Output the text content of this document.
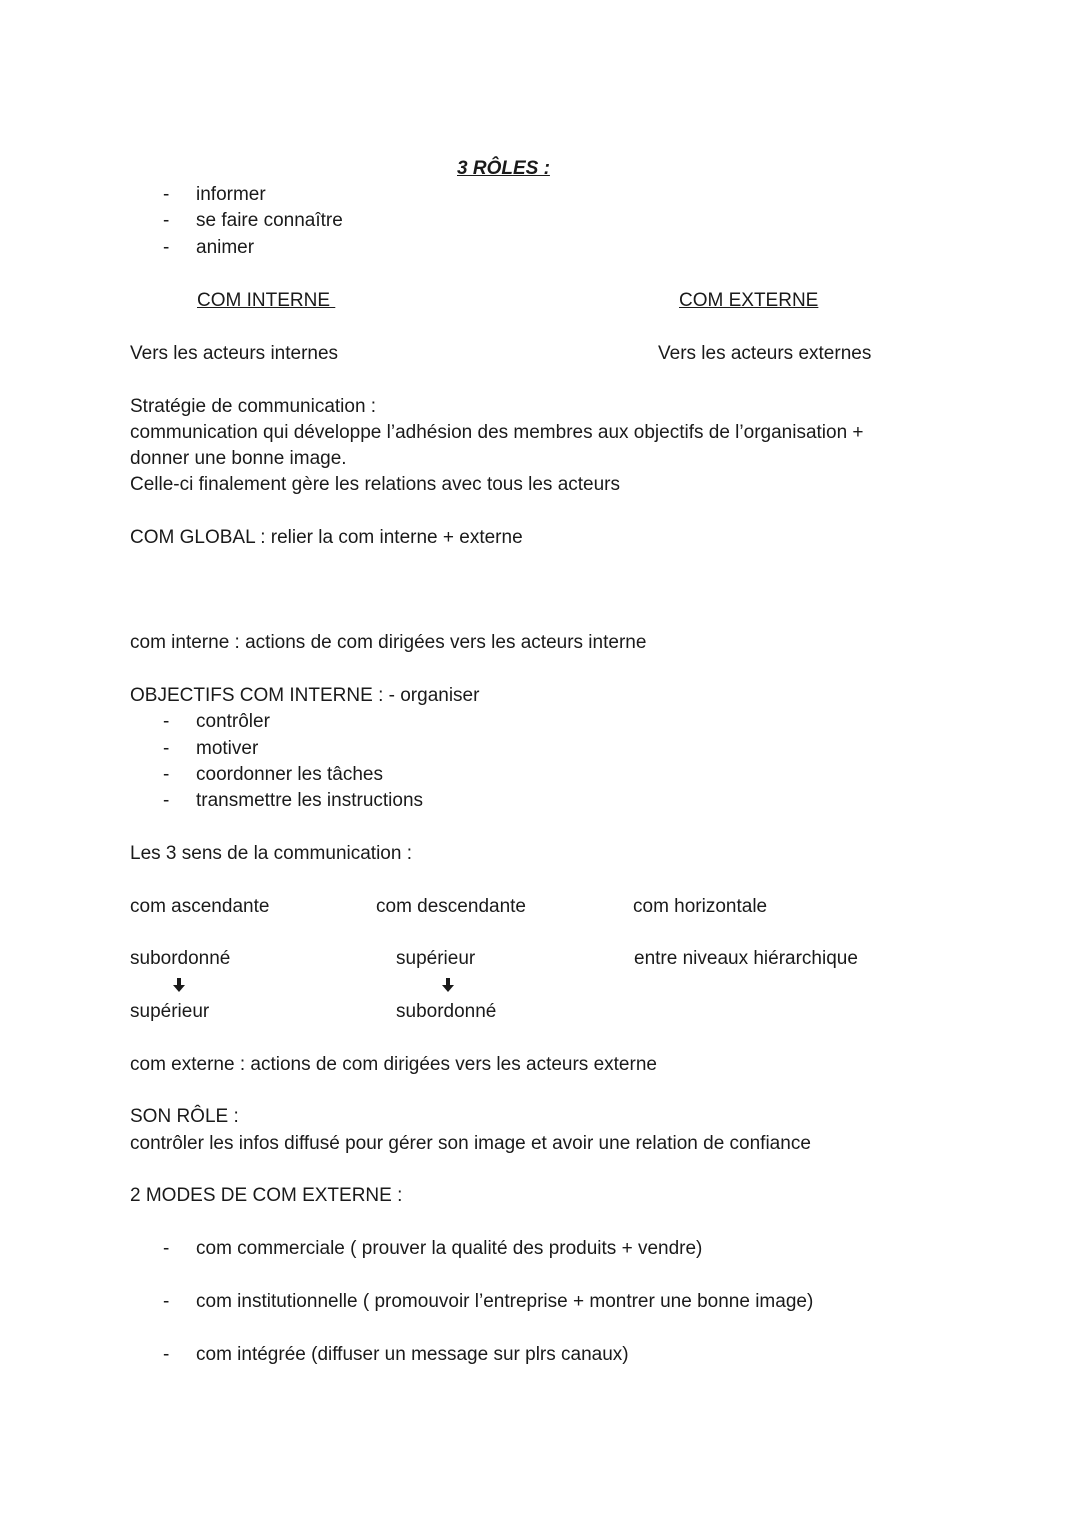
3 RÔLES :
- informer
- se faire connaître
- animer
COM INTERNE	COM EXTERNE
Vers les acteurs internes	Vers les acteurs externes
Stratégie de communication :
communication qui développe l’adhésion des membres aux objectifs de l’organisation +
donner une bonne image.
Celle-ci finalement gère les relations avec tous les acteurs
COM GLOBAL : relier la com interne + externe
com interne : actions de com dirigées vers les acteurs interne
OBJECTIFS COM INTERNE : - organiser
- contrôler
- motiver
- coordonner les tâches
- transmettre les instructions
Les 3 sens de la communication :
com ascendante
subordonné
supérieur
com descendante
supérieur
subordonné
com horizontale
entre niveaux hiérarchique
com externe : actions de com dirigées vers les acteurs externe
SON RÔLE :
contrôler les infos diffusé pour gérer son image et avoir une relation de confiance
2 MODES DE COM EXTERNE :
- com commerciale ( prouver la qualité des produits + vendre)
- com institutionnelle ( promouvoir l’entreprise + montrer une bonne image)
- com intégrée (diffuser un message sur plrs canaux)
